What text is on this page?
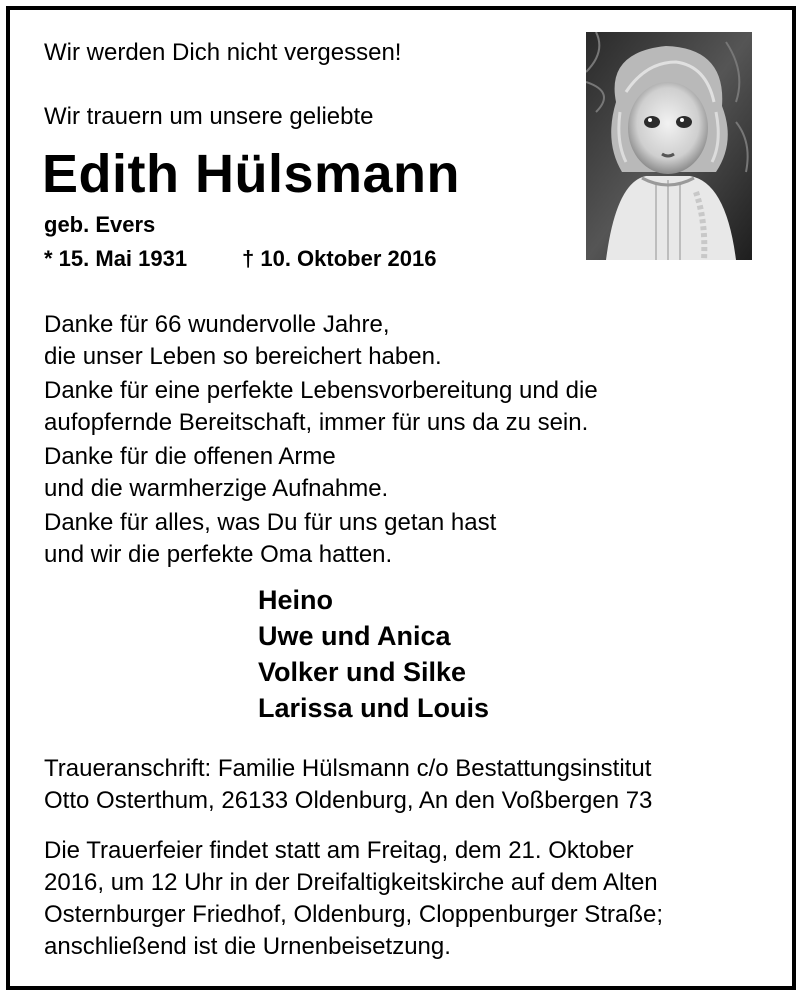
Wir werden Dich nicht vergessen!
Wir trauern um unsere geliebte
Edith Hülsmann
geb. Evers
* 15. Mai 1931 † 10. Oktober 2016
Danke für 66 wundervolle Jahre,
die unser Leben so bereichert haben.
Danke für eine perfekte Lebensvorbereitung und die
aufopfernde Bereitschaft, immer für uns da zu sein.
Danke für die offenen Arme
und die warmherzige Aufnahme.
Danke für alles, was Du für uns getan hast
und wir die perfekte Oma hatten.
Heino
Uwe und Anica
Volker und Silke
Larissa und Louis
Traueranschrift: Familie Hülsmann c/o Bestattungsinstitut
Otto Osterthum, 26133 Oldenburg, An den Voßbergen 73
Die Trauerfeier findet statt am Freitag, dem 21. Oktober
2016, um 12 Uhr in der Dreifaltigkeitskirche auf dem Alten
Osternburger Friedhof, Oldenburg, Cloppenburger Straße;
anschließend ist die Urnenbeisetzung.
